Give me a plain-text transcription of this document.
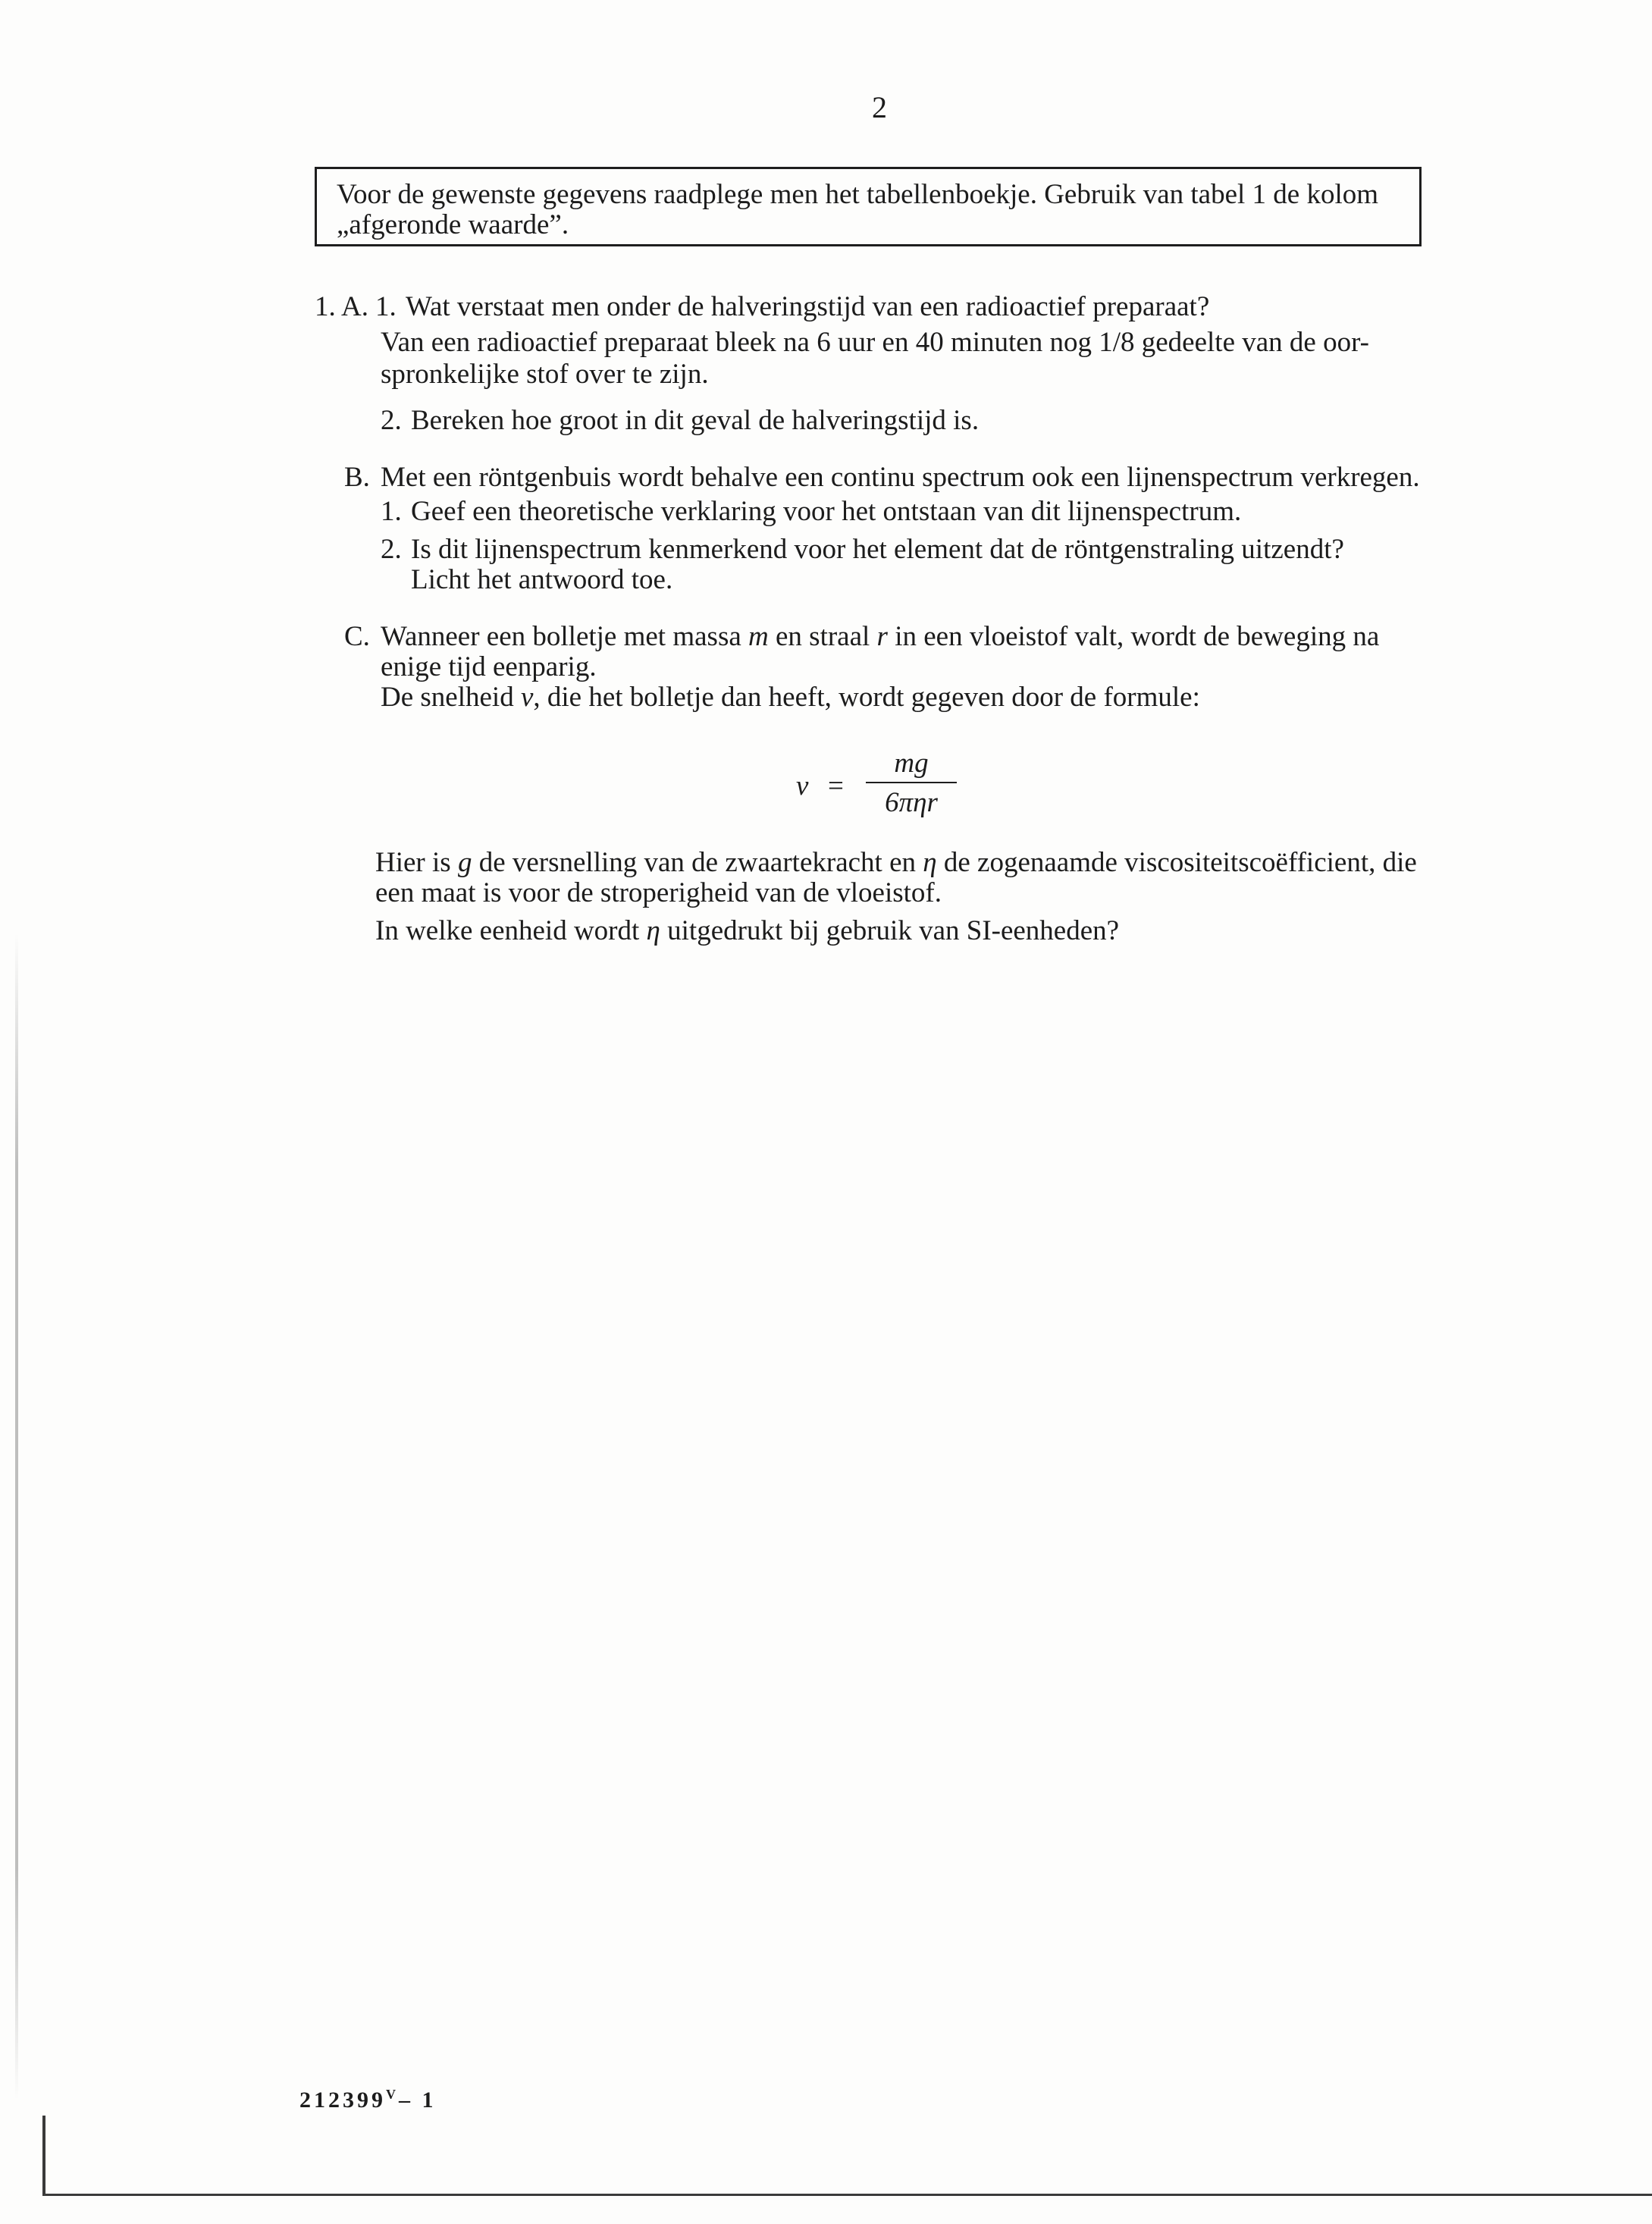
2
Voor de gewenste gegevens raadplege men het tabellenboekje. Gebruik van tabel 1 de kolom „afgeronde waarde”.
1. A. 1. Wat verstaat men onder de halveringstijd van een radioactief preparaat?
Van een radioactief preparaat bleek na 6 uur en 40 minuten nog 1/8 gedeelte van de oor-
spronkelijke stof over te zijn.
2. Bereken hoe groot in dit geval de halveringstijd is.
B. Met een röntgenbuis wordt behalve een continu spectrum ook een lijnenspectrum verkregen.
1. Geef een theoretische verklaring voor het ontstaan van dit lijnenspectrum.
2. Is dit lijnenspectrum kenmerkend voor het element dat de röntgenstraling uitzendt?
Licht het antwoord toe.
C. Wanneer een bolletje met massa m en straal r in een vloeistof valt, wordt de beweging na
enige tijd eenparig.
De snelheid v, die het bolletje dan heeft, wordt gegeven door de formule:
v =
mg
6πηr
Hier is g de versnelling van de zwaartekracht en η de zogenaamde viscositeitscoëfficient, die
een maat is voor de stroperigheid van de vloeistof.
In welke eenheid wordt η uitgedrukt bij gebruik van SI-eenheden?
$212399^V-$ 1
